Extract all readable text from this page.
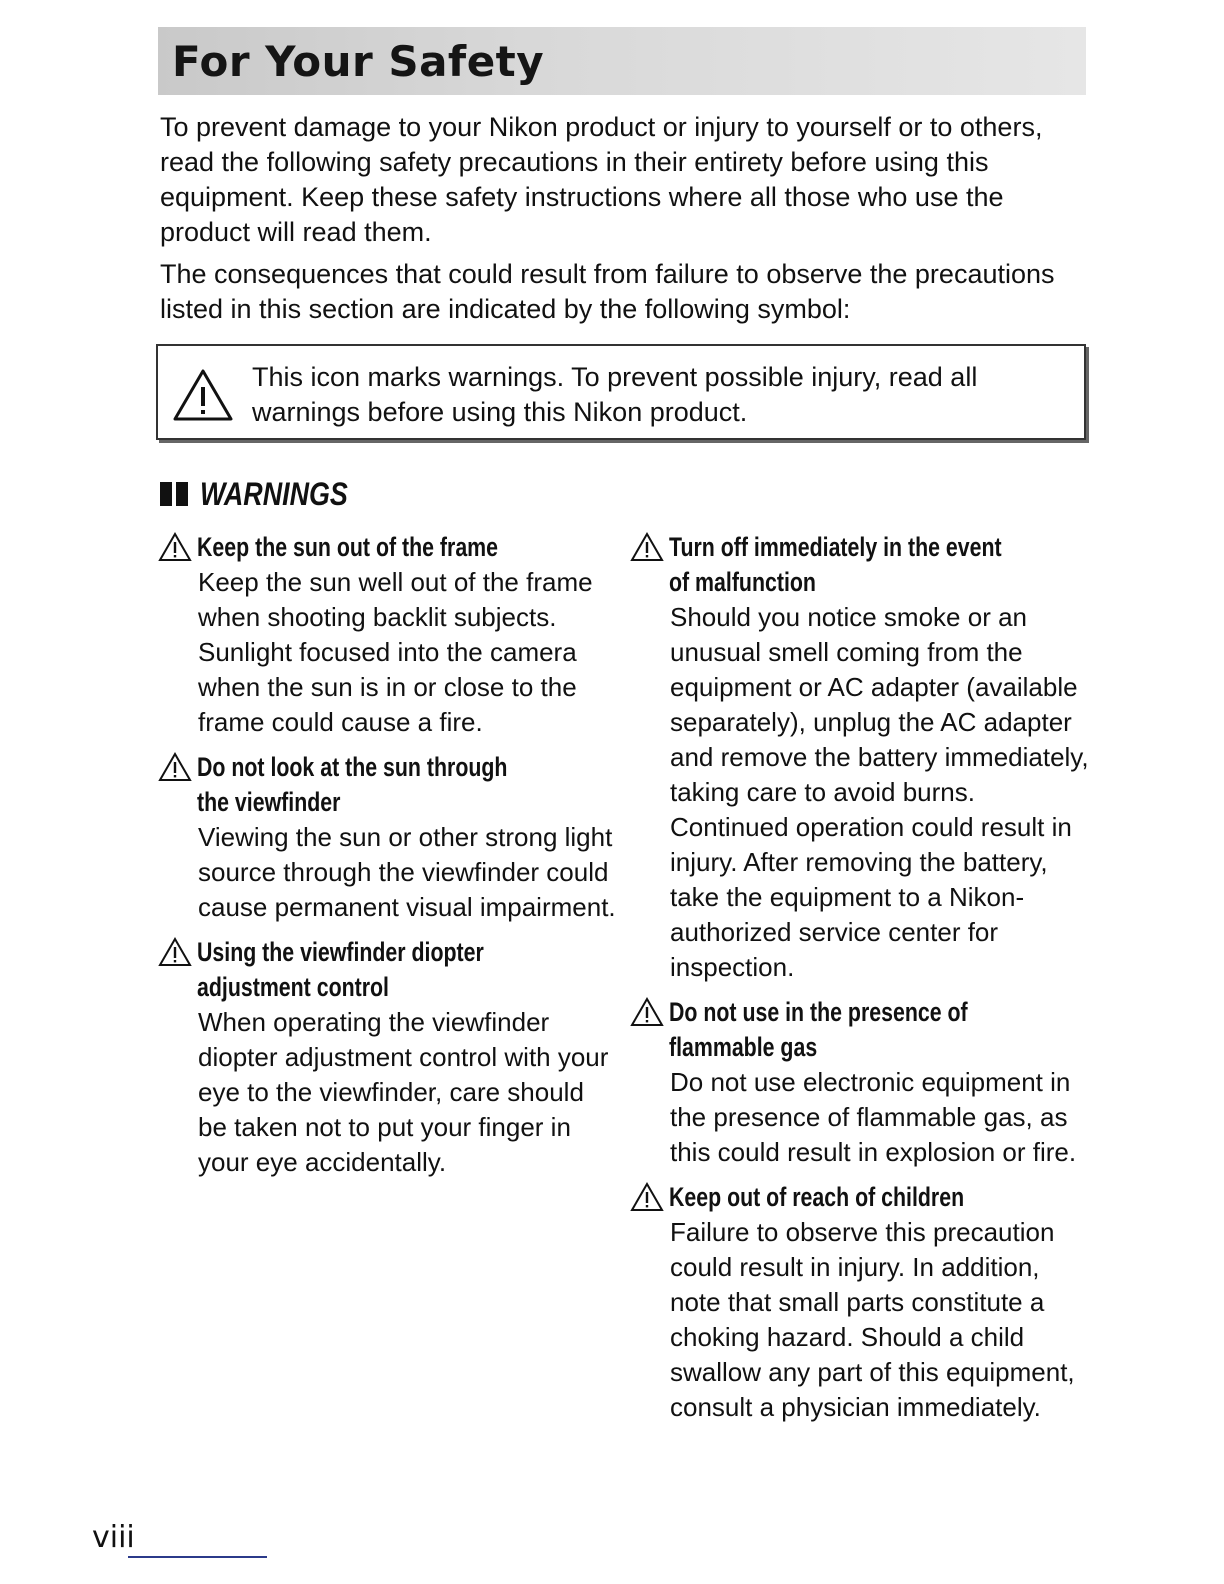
For Your Safety

To prevent damage to your Nikon product or injury to yourself or to others, read the following safety precautions in their entirety before using this equipment. Keep these safety instructions where all those who use the product will read them.

The consequences that could result from failure to observe the precautions listed in this section are indicated by the following symbol:

This icon marks warnings. To prevent possible injury, read all warnings before using this Nikon product.

WARNINGS
Keep the sun out of the frame

Keep the sun well out of the frame when shooting backlit subjects. Sunlight focused into the camera when the sun is in or close to the frame could cause a fire.

Do not look at the sun through the viewfinder

Viewing the sun or other strong light source through the viewfinder could cause permanent visual impairment.

Using the viewfinder diopter adjustment control

When operating the viewfinder diopter adjustment control with your eye to the viewfinder, care should be taken not to put your finger in your eye accidentally.

Turn off immediately in the event of malfunction

Should you notice smoke or an unusual smell coming from the equipment or AC adapter (available separately), unplug the AC adapter and remove the battery immediately, taking care to avoid burns. Continued operation could result in injury. After removing the battery, take the equipment to a Nikon-authorized service center for inspection.

Do not use in the presence of flammable gas

Do not use electronic equipment in the presence of flammable gas, as this could result in explosion or fire.

Keep out of reach of children

Failure to observe this precaution could result in injury. In addition, note that small parts constitute a choking hazard. Should a child swallow any part of this equipment, consult a physician immediately.

viii
